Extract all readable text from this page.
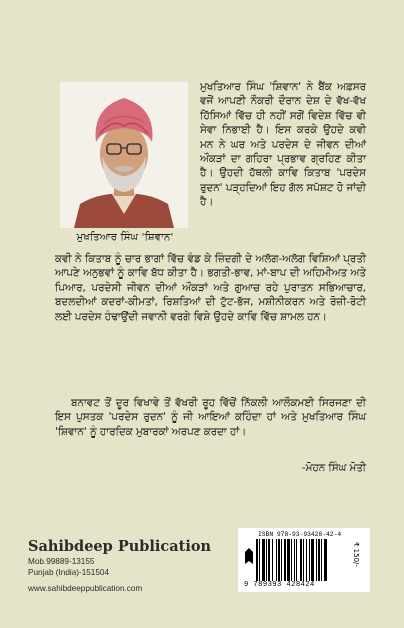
ਮੁਖਤਿਆਰ ਸਿੰਘ 'ਸ਼ਿਵਾਨ'
ਮੁਖਤਿਆਰ ਸਿੰਘ 'ਸ਼ਿਵਾਨ' ਨੇ ਬੈਂਕ ਅਫ਼ਸਰ ਵਜੋਂ ਆਪਣੀ ਨੌਕਰੀ ਦੌਰਾਨ ਦੇਸ਼ ਦੇ ਵੱਖ-ਵੱਖ ਹਿੱਸਿਆਂ ਵਿੱਚ ਹੀ ਨਹੀਂ ਸਗੋਂ ਵਿਦੇਸ਼ ਵਿੱਚ ਵੀ ਸੇਵਾ ਨਿਭਾਈ ਹੈ। ਇਸ ਕਰਕੇ ਉਹਦੇ ਕਵੀ ਮਨ ਨੇ ਘਰ ਅਤੇ ਪਰਦੇਸ ਦੇ ਜੀਵਨ ਦੀਆਂ ਔਕੜਾਂ ਦਾ ਗਹਿਰਾ ਪ੍ਰਭਾਵ ਗ੍ਰਹਿਣ ਕੀਤਾ ਹੈ। ਉਹਦੀ ਹੱਥਲੀ ਕਾਵਿ ਕਿਤਾਬ 'ਪਰਦੇਸ ਰੁਦਨ' ਪੜ੍ਹਦਿਆਂ ਇਹ ਗੱਲ ਸਪੱਸ਼ਟ ਹੋ ਜਾਂਦੀ ਹੈ।
ਕਵੀ ਨੇ ਕਿਤਾਬ ਨੂੰ ਚਾਰ ਭਾਗਾਂ ਵਿੱਚ ਵੰਡ ਕੇ ਜ਼ਿੰਦਗੀ ਦੇ ਅਲੱਗ-ਅਲੱਗ ਵਿਸ਼ਿਆਂ ਪ੍ਰਤੀ ਆਪਣੇ ਅਨੁਭਵਾਂ ਨੂੰ ਕਾਵਿ ਬੱਧ ਕੀਤਾ ਹੈ। ਭਗਤੀ-ਭਾਵ, ਮਾਂ-ਬਾਪ ਦੀ ਅਹਿਮੀਅਤ ਅਤੇ ਪਿਆਰ, ਪਰਦੇਸੀ ਜੀਵਨ ਦੀਆਂ ਔਕੜਾਂ ਅਤੇ ਗੁਆਚ ਰਹੇ ਪੁਰਾਤਨ ਸਭਿਆਚਾਰ, ਬਦਲਦੀਆਂ ਕਦਰਾਂ-ਕੀਮਤਾਂ, ਰਿਸ਼ਤਿਆਂ ਦੀ ਟੁੱਟ-ਭੱਜ, ਮਸ਼ੀਨੀਕਰਨ ਅਤੇ ਰੋਜ਼ੀ-ਰੋਟੀ ਲਈ ਪਰਦੇਸ ਹੰਢਾਉਂਦੀ ਜਵਾਨੀ ਵਰਗੇ ਵਿਸ਼ੇ ਉਹਦੇ ਕਾਵਿ ਵਿੱਚ ਸ਼ਾਮਲ ਹਨ।
ਬਨਾਵਟ ਤੋਂ ਦੂਰ ਵਿਖਾਵੇ ਤੋਂ ਵੱਖਰੀ ਰੂਹ ਵਿੱਚੋਂ ਨਿੱਕਲੀ ਆਲੌਕਮਈ ਸਿਰਜਣਾ ਦੀ ਇਸ ਪੁਸਤਕ 'ਪਰਦੇਸ ਰੁਦਨ' ਨੂੰ ਜੀ ਆਇਆਂ ਕਹਿੰਦਾ ਹਾਂ ਅਤੇ ਮੁਖਤਿਆਰ ਸਿੰਘ 'ਸ਼ਿਵਾਨ' ਨੂੰ ਹਾਰਦਿਕ ਮੁਬਾਰਕਾਂ ਅਰਪਣ ਕਰਦਾ ਹਾਂ।
-ਮੋਹਨ ਸਿੰਘ ਮੋਤੀ
Sahibdeep Publication
Mob.99889-13155
Punjab (India)-151504
www.sahibdeeppublication.com
ISBN 978-93-93428-42-4
₹ 150/-
9 789393 428424
